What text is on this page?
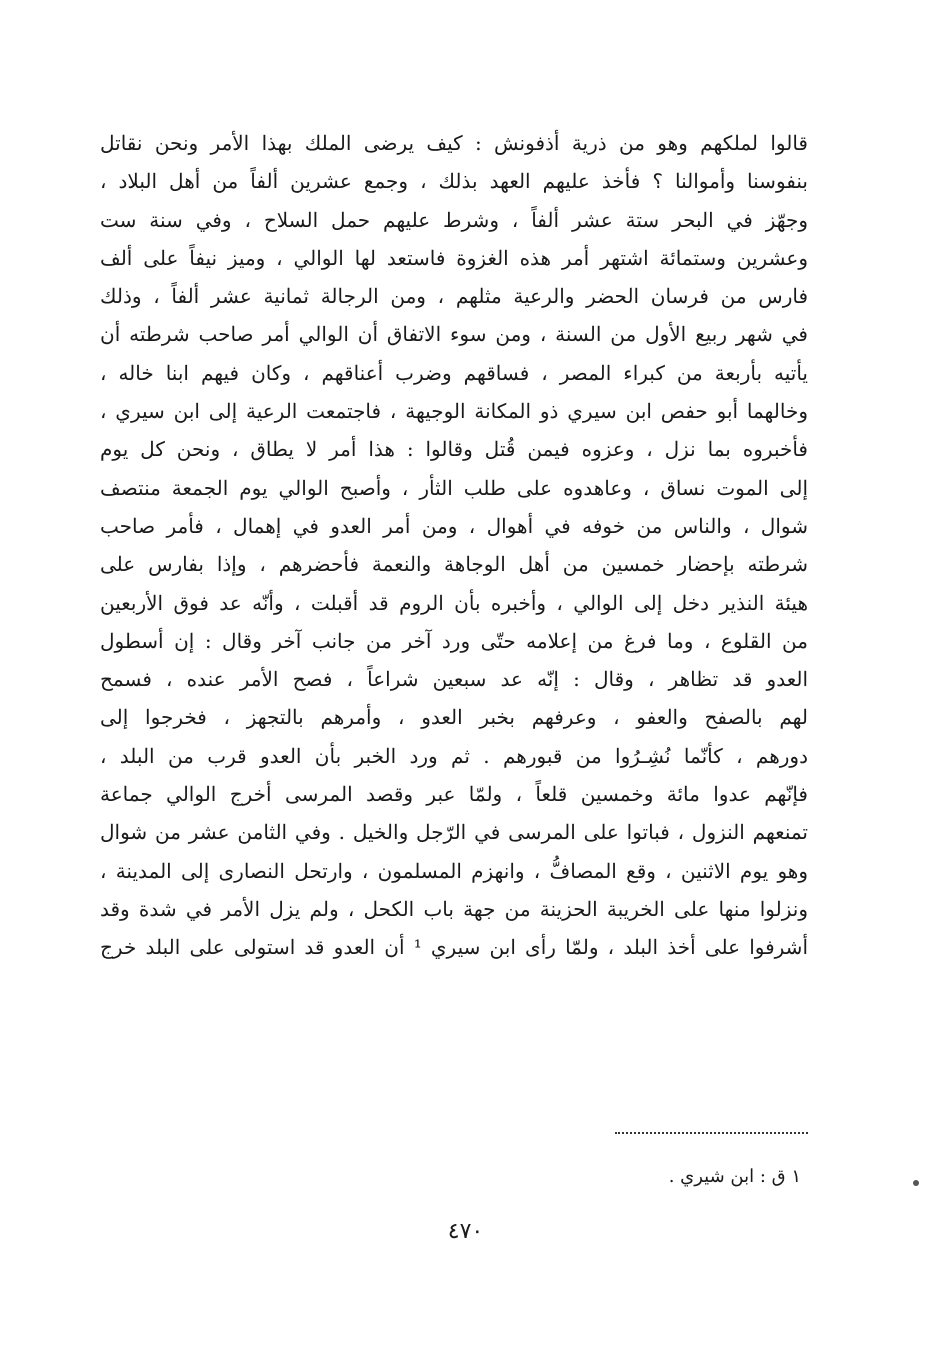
قالوا لملكهم وهو من ذرية أذفونش : كيف يرضى الملك بهذا الأمر ونحن نقاتل
بنفوسنا وأموالنا ؟ فأخذ عليهم العهد بذلك ، وجمع عشرين ألفاً من أهل البلاد ،
وجهّز في البحر ستة عشر ألفاً ، وشرط عليهم حمل السلاح ، وفي سنة ست
وعشرين وستمائة اشتهر أمر هذه الغزوة فاستعد لها الوالي ، وميز نيفاً على ألف
فارس من فرسان الحضر والرعية مثلهم ، ومن الرجالة ثمانية عشر ألفاً ، وذلك
في شهر ربيع الأول من السنة ، ومن سوء الاتفاق أن الوالي أمر صاحب شرطته أن
يأتيه بأربعة من كبراء المصر ، فساقهم وضرب أعناقهم ، وكان فيهم ابنا خاله ،
وخالهما أبو حفص ابن سيري ذو المكانة الوجيهة ، فاجتمعت الرعية إلى ابن سيري ،
فأخبروه بما نزل ، وعزوه فيمن قُتل وقالوا : هذا أمر لا يطاق ، ونحن كل يوم
إلى الموت نساق ، وعاهدوه على طلب الثأر ، وأصبح الوالي يوم الجمعة منتصف
شوال ، والناس من خوفه في أهوال ، ومن أمر العدو في إهمال ، فأمر صاحب
شرطته بإحضار خمسين من أهل الوجاهة والنعمة فأحضرهم ، وإذا بفارس على
هيئة النذير دخل إلى الوالي ، وأخبره بأن الروم قد أقبلت ، وأنّه عد فوق الأربعين
من القلوع ، وما فرغ من إعلامه حتّى ورد آخر من جانب آخر وقال : إن أسطول
العدو قد تظاهر ، وقال : إنّه عد سبعين شراعاً ، فصح الأمر عنده ، فسمح
لهم بالصفح والعفو ، وعرفهم بخبر العدو ، وأمرهم بالتجهز ، فخرجوا إلى
دورهم ، كأنّما نُشِـرُوا من قبورهم . ثم ورد الخبر بأن العدو قرب من البلد ،
فإنّهم عدوا مائة وخمسين قلعاً ، ولمّا عبر وقصد المرسى أخرج الوالي جماعة
تمنعهم النزول ، فباتوا على المرسى في الرّجل والخيل . وفي الثامن عشر من شوال
وهو يوم الاثنين ، وقع المصافُّ ، وانهزم المسلمون ، وارتحل النصارى إلى المدينة ،
ونزلوا منها على الخريبة الحزينة من جهة باب الكحل ، ولم يزل الأمر في شدة وقد
أشرفوا على أخذ البلد ، ولمّا رأى ابن سيري ¹ أن العدو قد استولى على البلد خرج
١ ق : ابن شيري .
٤٧٠
